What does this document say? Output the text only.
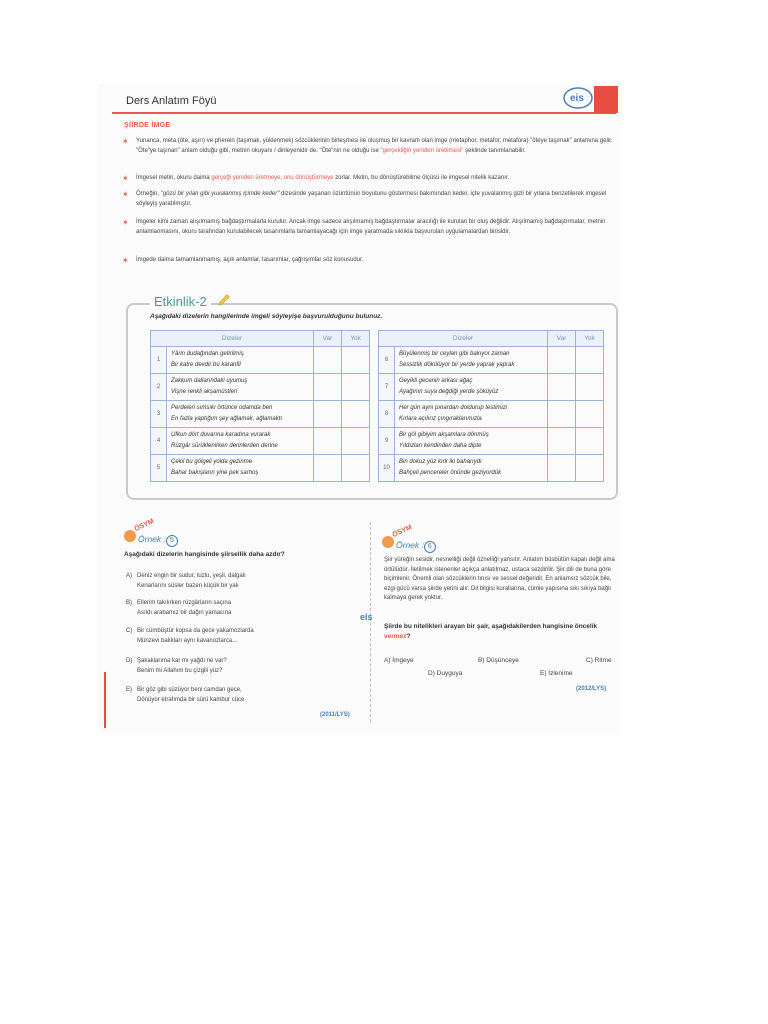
Ders Anlatım Föyü	eis
ŞİİRDE İMGE
✶ Yunanca, meta (öte, aşırı) ve pherein (taşımak, yüklenmek) sözcüklerinin birleşmesi ile oluşmuş bir kavram olan imge (metaphor, metafor, metafora) "öteye taşımak" anlamına gelir. "Öte"ye taşınan" anlam olduğu gibi, metnin okuyanı / dinleyenidir de. "Öte"nin ne olduğu ise "gerçekliğin yeniden üretilmesi" şeklinde tanımlanabilir.
✶ İmgesel metin, okuru daima gerçeği yeniden üretmeye, onu dönüştürmeye zorlar. Metin, bu dönüştürebilme ölçüsü ile imgesel nitelik kazanır.
✶ Örneğin, "gözü bir yılan gibi yuvalanmış içimde keder" dizesinde yaşanan üzüntünün boyutunu göstermesi bakımından keder, içte yuvalanmış gizli bir yılana benzetilerek imgesel söyleyiş yaratılmıştır.
✶ İmgeler kimi zaman alışılmamış bağdaştırmalarla kurulur. Ancak imge sadece alışılmamış bağdaştırmalar aracılığı ile kurulan bir oluş değildir. Alışılmamış bağdaştırmalar, metnin anlamlanmasını, okuru tarafından kurulabilecek tasarımlarla tamamlayacağı için imge yaratmada sıklıkla başvurulan uygulamalardan birisidir.
✶ İmgede daima tamamlanmamış, açık anlamlar, tasarımlar, çağrışımlar söz konusudur.
Etkinlik-2
Aşağıdaki dizelerin hangilerinde imgeli söyleyişe başvurulduğunu bulunuz.
Dizeler		Var	Yok
1	Yârin dudağından getirilmiş
Bir katre devdir bu karanfil		
2	Zakkum dallarındaki uyumuş
Vişne renkli akşamüstleri		
3	Perdeleri sımsıkı örtünce odamda ben
En fazla yaptığım şey ağlamak, ağlamaktı		
4	Ufkun dört duvarına karadına vurarak
Rüzgâr sürüklenirken derinlerden derine		
5	Çekil bu gölgeli yolda gezinme
Bahar bakışların yine pek sarhoş		
Dizeler		Var	Yok
6	Büyülenmiş bir ceylan gibi bakıyor zaman
Sessizlik dökülüyor bir yerde yaprak yaprak		
7	Geyikli gecenin arkası ağaç
Ayağının suya değdiği yerde şöküyüz		
8	Her gün aynı pınardan doldurup testimizi
Kırlara açılırız çıngıraklarımızla		
9	Bir göl gibiyim akşamlara dönmüş
Yıldızları kendinden daha dipte		
10	Bin dokuz yüz kırk iki baharıydı
Bahçeli pencereler önünde geziyordük		
ÖSYM
Örnek : 5
Aşağıdaki dizelerin hangisinde şiirsellik daha azdır?
A) Deniz engin bir sudur, tuzlu, yeşil, dalgalı
Kenarlarını süsler bazen küçük bir yalı
B) Ellerim takılırken rüzgârların saçına
Asıldı arabamız bir dağın yamacına
C) Bir cümbüştür kopsa da gece yakamozlarda
Münzevi balıkları aynı kavanozlarca...
D) Şakaklarıma kar mı yağdı ne var?
Benim mi Allahım bu çizgili yüz?
E) Bir göz gibi süzüyor beni camdan gece,
Dönüyor etrafımda bir sürü kambur cüce
(2011/LYS)
ÖSYM
Örnek : 6
Şiir yüreğin sesidir, nesnelliği değil öznelliği yansıtır. Anlatım büsbütün kapalı değil ama örtülüdür. İletilmek istenenler açıkça anlatılmaz, ustaca sezdirilir. Şiir dili de buna göre biçimlenir. Önemli olan sözcüklerin tınısı ve sessel değeridir. En anlamsız sözcük bile, ezgi gücü varsa şiirde yerini alır. Dil bilgisi kurallarına, cümle yapısına sıkı sıkıya bağlı kalmaya gerek yoktur.
eis
Şiirde bu nitelikleri arayan bir şair, aşağıdakilerden hangisine öncelik vermez?
A) İmgeye	B) Düşünceye	C) Ritme
D) Duyguya	E) İzlenime
(2012/LYS)
